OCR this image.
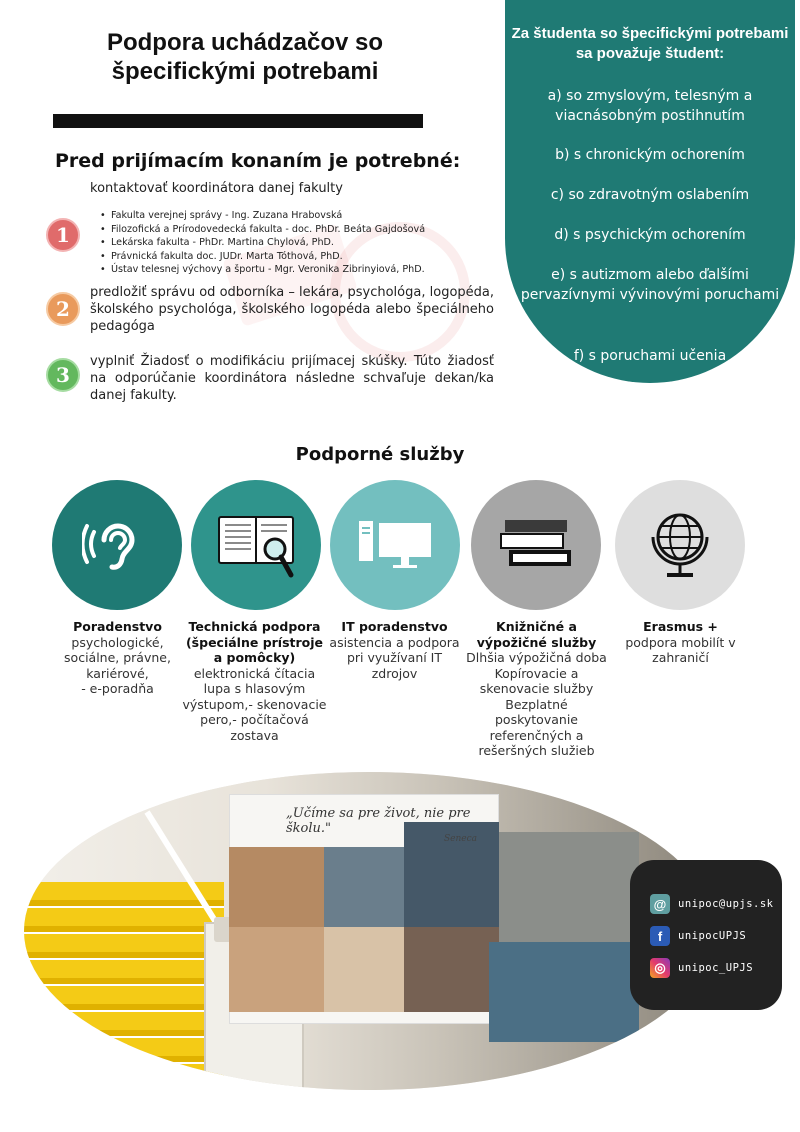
Podpora uchádzačov so
špecifickými potrebami
Pred prijímacím konaním je potrebné:
kontaktovať koordinátora danej fakulty
1
• Fakulta verejnej správy - Ing. Zuzana Hrabovská
• Filozofická a Prírodovedecká fakulta - doc. PhDr. Beáta Gajdošová
• Lekárska fakulta - PhDr. Martina Chylová, PhD.
• Právnická fakulta doc. JUDr. Marta Tóthová, PhD.
• Ústav telesnej výchovy a športu - Mgr. Veronika Zibrinyiová, PhD.
2
predložiť správu od odborníka – lekára, psychológa, logopéda, školského psychológa, školského logopéda alebo špeciálneho pedagóga
3
vyplniť Žiadosť o modifikáciu prijímacej skúšky. Túto žiadosť na odporúčanie koordinátora následne schvaľuje dekan/ka danej fakulty.
Za študenta so špecifickými potrebami sa považuje študent:
a) so zmyslovým, telesným a viacnásobným postihnutím
b) s chronickým ochorením
c) so zdravotným oslabením
d) s psychickým ochorením
e) s autizmom alebo ďalšími pervazívnymi vývinovými poruchami
f) s poruchami učenia
Podporné služby
Poradenstvo
psychologické,
sociálne, právne,
kariérové,
- e-poradňa
Technická podpora (špeciálne prístroje a pomôcky)
elektronická čítacia
lupa s hlasovým
výstupom,- skenovacie
pero,- počítačová
zostava
IT poradenstvo
asistencia a podpora
pri využívaní IT
zdrojov
Knižničné a výpožičné služby
Dlhšia výpožičná doba
Kopírovacie a
skenovacie služby
Bezplatné poskytovanie
referenčných a
rešeršných služieb
Erasmus +
podpora mobilít v
zahraničí
„Učíme sa pre život, nie pre školu."
Seneca
@	unipoc@upjs.sk
f	unipocUPJS
◎	unipoc_UPJS
